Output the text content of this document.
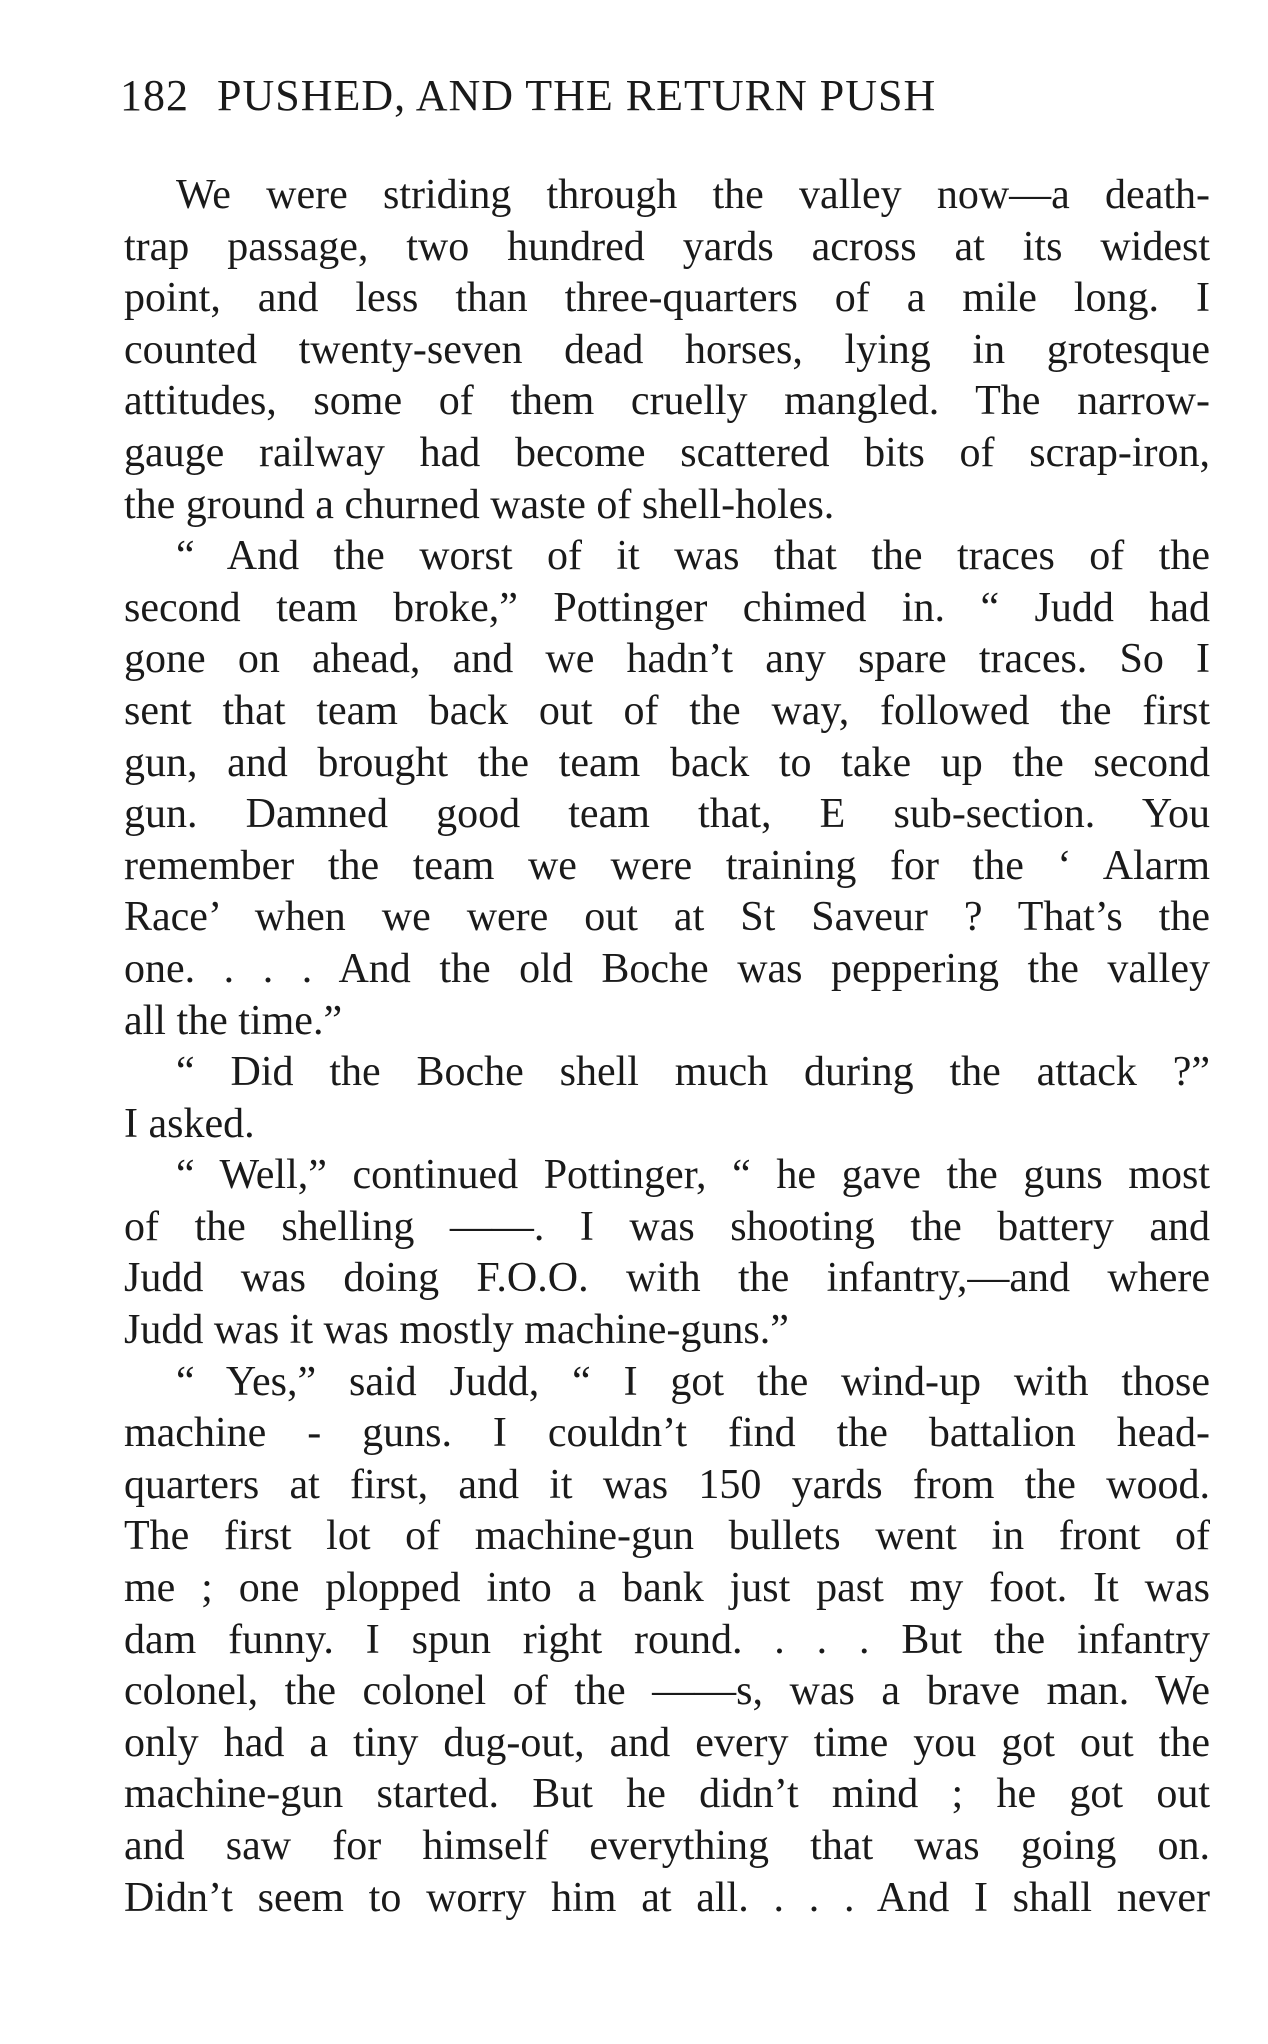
182 PUSHED, AND THE RETURN PUSH
We were striding through the valley now—a death-
trap passage, two hundred yards across at its widest
point, and less than three-quarters of a mile long. I
counted twenty-seven dead horses, lying in grotesque
attitudes, some of them cruelly mangled. The narrow-
gauge railway had become scattered bits of scrap-iron,
the ground a churned waste of shell-holes.
“ And the worst of it was that the traces of the
second team broke,” Pottinger chimed in. “ Judd had
gone on ahead, and we hadn’t any spare traces. So I
sent that team back out of the way, followed the first
gun, and brought the team back to take up the second
gun. Damned good team that, E sub-section. You
remember the team we were training for the ‘ Alarm
Race’ when we were out at St Saveur ? That’s the
one. . . . And the old Boche was peppering the valley
all the time.”
“ Did the Boche shell much during the attack ?”
I asked.
“ Well,” continued Pottinger, “ he gave the guns most
of the shelling ——. I was shooting the battery and
Judd was doing F.O.O. with the infantry,—and where
Judd was it was mostly machine-guns.”
“ Yes,” said Judd, “ I got the wind-up with those
machine - guns. I couldn’t find the battalion head-
quarters at first, and it was 150 yards from the wood.
The first lot of machine-gun bullets went in front of
me ; one plopped into a bank just past my foot. It was
dam funny. I spun right round. . . . But the infantry
colonel, the colonel of the ——s, was a brave man. We
only had a tiny dug-out, and every time you got out the
machine-gun started. But he didn’t mind ; he got out
and saw for himself everything that was going on.
Didn’t seem to worry him at all. . . . And I shall never
